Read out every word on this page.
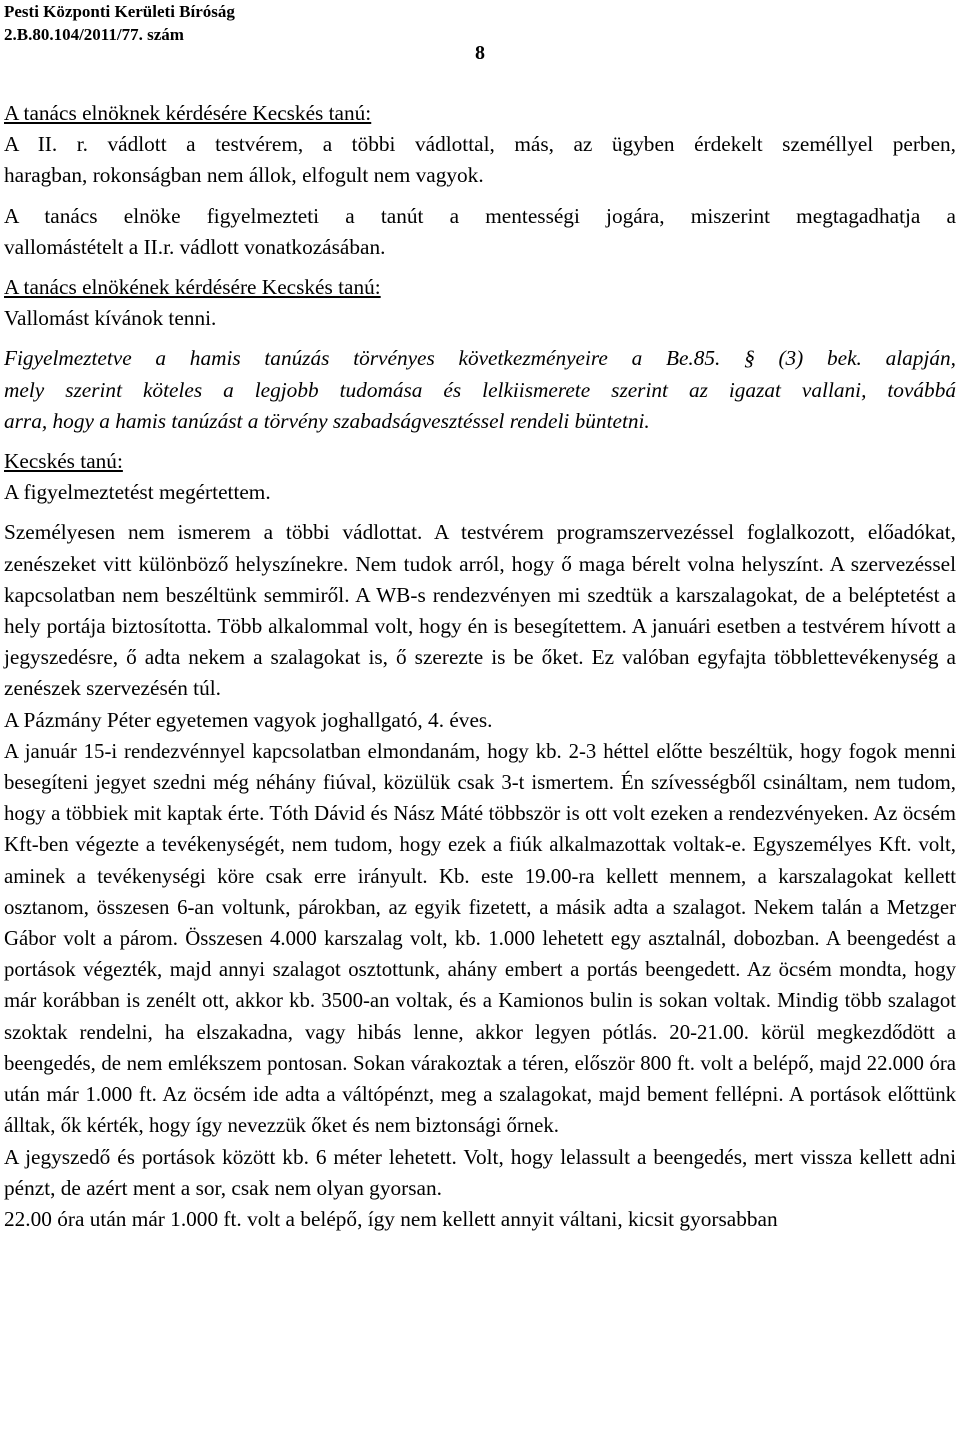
Pesti Központi Kerületi Bíróság
2.B.80.104/2011/77. szám
8
A tanács elnöknek kérdésére Kecskés tanú:
A II. r. vádlott a testvérem, a többi vádlottal, más, az ügyben érdekelt személlyel perben,
haragban, rokonságban nem állok, elfogult nem vagyok.
A tanács elnöke figyelmezteti a tanút a mentességi jogára, miszerint megtagadhatja a
vallomástételt a II.r. vádlott vonatkozásában.
A tanács elnökének kérdésére Kecskés tanú:
Vallomást kívánok tenni.
Figyelmeztetve a hamis tanúzás törvényes következményeire a Be.85. § (3) bek. alapján,
mely szerint köteles a legjobb tudomása és lelkiismerete szerint az igazat vallani, továbbá
arra, hogy a hamis tanúzást a törvény szabadságvesztéssel rendeli büntetni.
Kecskés tanú:
A figyelmeztetést megértettem.

Személyesen nem ismerem a többi vádlottat. A testvérem programszervezéssel foglalkozott, előadókat, zenészeket vitt különböző helyszínekre. Nem tudok arról, hogy ő maga bérelt volna helyszínt. A szervezéssel kapcsolatban nem beszéltünk semmiről. A WB-s rendezvényen mi szedtük a karszalagokat, de a beléptetést a hely portája biztosította. Több alkalommal volt, hogy én is besegítettem. A januári esetben a testvérem hívott a jegyszedésre, ő adta nekem a szalagokat is, ő szerezte is be őket. Ez valóban egyfajta többlettevékenység a zenészek szervezésén túl.

A Pázmány Péter egyetemen vagyok joghallgató, 4. éves.

A január 15-i rendezvénnyel kapcsolatban elmondanám, hogy kb. 2-3 héttel előtte beszéltük, hogy fogok menni besegíteni jegyet szedni még néhány fiúval, közülük csak 3-t ismertem. Én szívességből csináltam, nem tudom, hogy a többiek mit kaptak érte. Tóth Dávid és Nász Máté többször is ott volt ezeken a rendezvényeken. Az öcsém Kft-ben végezte a tevékenységét, nem tudom, hogy ezek a fiúk alkalmazottak voltak-e. Egyszemélyes Kft. volt, aminek a tevékenységi köre csak erre irányult. Kb. este 19.00-ra kellett mennem, a karszalagokat kellett osztanom, összesen 6-an voltunk, párokban, az egyik fizetett, a másik adta a szalagot. Nekem talán a Metzger Gábor volt a párom. Összesen 4.000 karszalag volt, kb. 1.000 lehetett egy asztalnál, dobozban. A beengedést a portások végezték, majd annyi szalagot osztottunk, ahány embert a portás beengedett. Az öcsém mondta, hogy már korábban is zenélt ott, akkor kb. 3500-an voltak, és a Kamionos bulin is sokan voltak. Mindig több szalagot szoktak rendelni, ha elszakadna, vagy hibás lenne, akkor legyen pótlás. 20-21.00. körül megkezdődött a beengedés, de nem emlékszem pontosan. Sokan várakoztak a téren, először 800 ft. volt a belépő, majd 22.000 óra után már 1.000 ft. Az öcsém ide adta a váltópénzt, meg a szalagokat, majd bement fellépni. A portások előttünk álltak, ők kérték, hogy így nevezzük őket és nem biztonsági őrnek.

A jegyszedő és portások között kb. 6 méter lehetett. Volt, hogy lelassult a beengedés, mert vissza kellett adni pénzt, de azért ment a sor, csak nem olyan gyorsan.

22.00 óra után már 1.000 ft. volt a belépő, így nem kellett annyit váltani, kicsit gyorsabban
